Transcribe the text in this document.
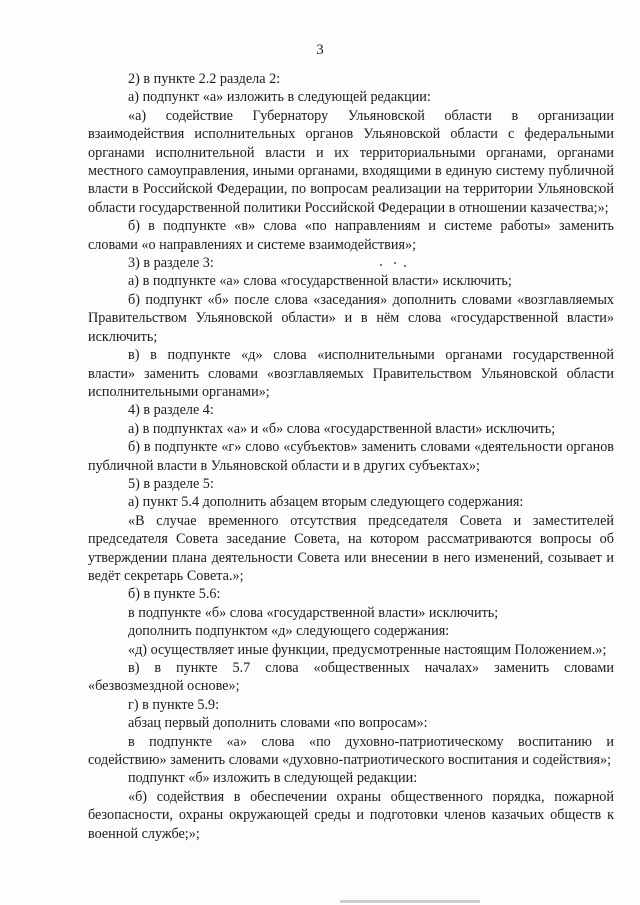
3

2) в пункте 2.2 раздела 2:

а) подпункт «а» изложить в следующей редакции:

«а) содействие Губернатору Ульяновской области в организации взаимодействия исполнительных органов Ульяновской области с федеральными органами исполнительной власти и их территориальными органами, органами местного самоуправления, иными органами, входящими в единую систему публичной власти в Российской Федерации, по вопросам реализации на территории Ульяновской области государственной политики Российской Федерации в отношении казачества;»;

б) в подпункте «в» слова «по направлениям и системе работы» заменить словами «о направлениях и системе взаимодействия»;

3) в разделе 3:

а) в подпункте «а» слова «государственной власти» исключить;

б) подпункт «б» после слова «заседания» дополнить словами «возглавляемых Правительством Ульяновской области» и в нём слова «государственной власти» исключить;

в) в подпункте «д» слова «исполнительными органами государственной власти» заменить словами «возглавляемых Правительством Ульяновской области исполнительными органами»;

4) в разделе 4:

а) в подпунктах «а» и «б» слова «государственной власти» исключить;

б) в подпункте «г» слово «субъектов» заменить словами «деятельности органов публичной власти в Ульяновской области и в других субъектах»;

5) в разделе 5:

а) пункт 5.4 дополнить абзацем вторым следующего содержания:

«В случае временного отсутствия председателя Совета и заместителей председателя Совета заседание Совета, на котором рассматриваются вопросы об утверждении плана деятельности Совета или внесении в него изменений, созывает и ведёт секретарь Совета.»;

б) в пункте 5.6:

в подпункте «б» слова «государственной власти» исключить;

дополнить подпунктом «д» следующего содержания:

«д) осуществляет иные функции, предусмотренные настоящим Положением.»;

в) в пункте 5.7 слова «общественных началах» заменить словами «безвозмездной основе»;

г) в пункте 5.9:

абзац первый дополнить словами «по вопросам»:

в подпункте «а» слова «по духовно-патриотическому воспитанию и содействию» заменить словами «духовно-патриотического воспитания и содействия»;

подпункт «б» изложить в следующей редакции:

«б) содействия в обеспечении охраны общественного порядка, пожарной безопасности, охраны окружающей среды и подготовки членов казачьих обществ к военной службе;»;
